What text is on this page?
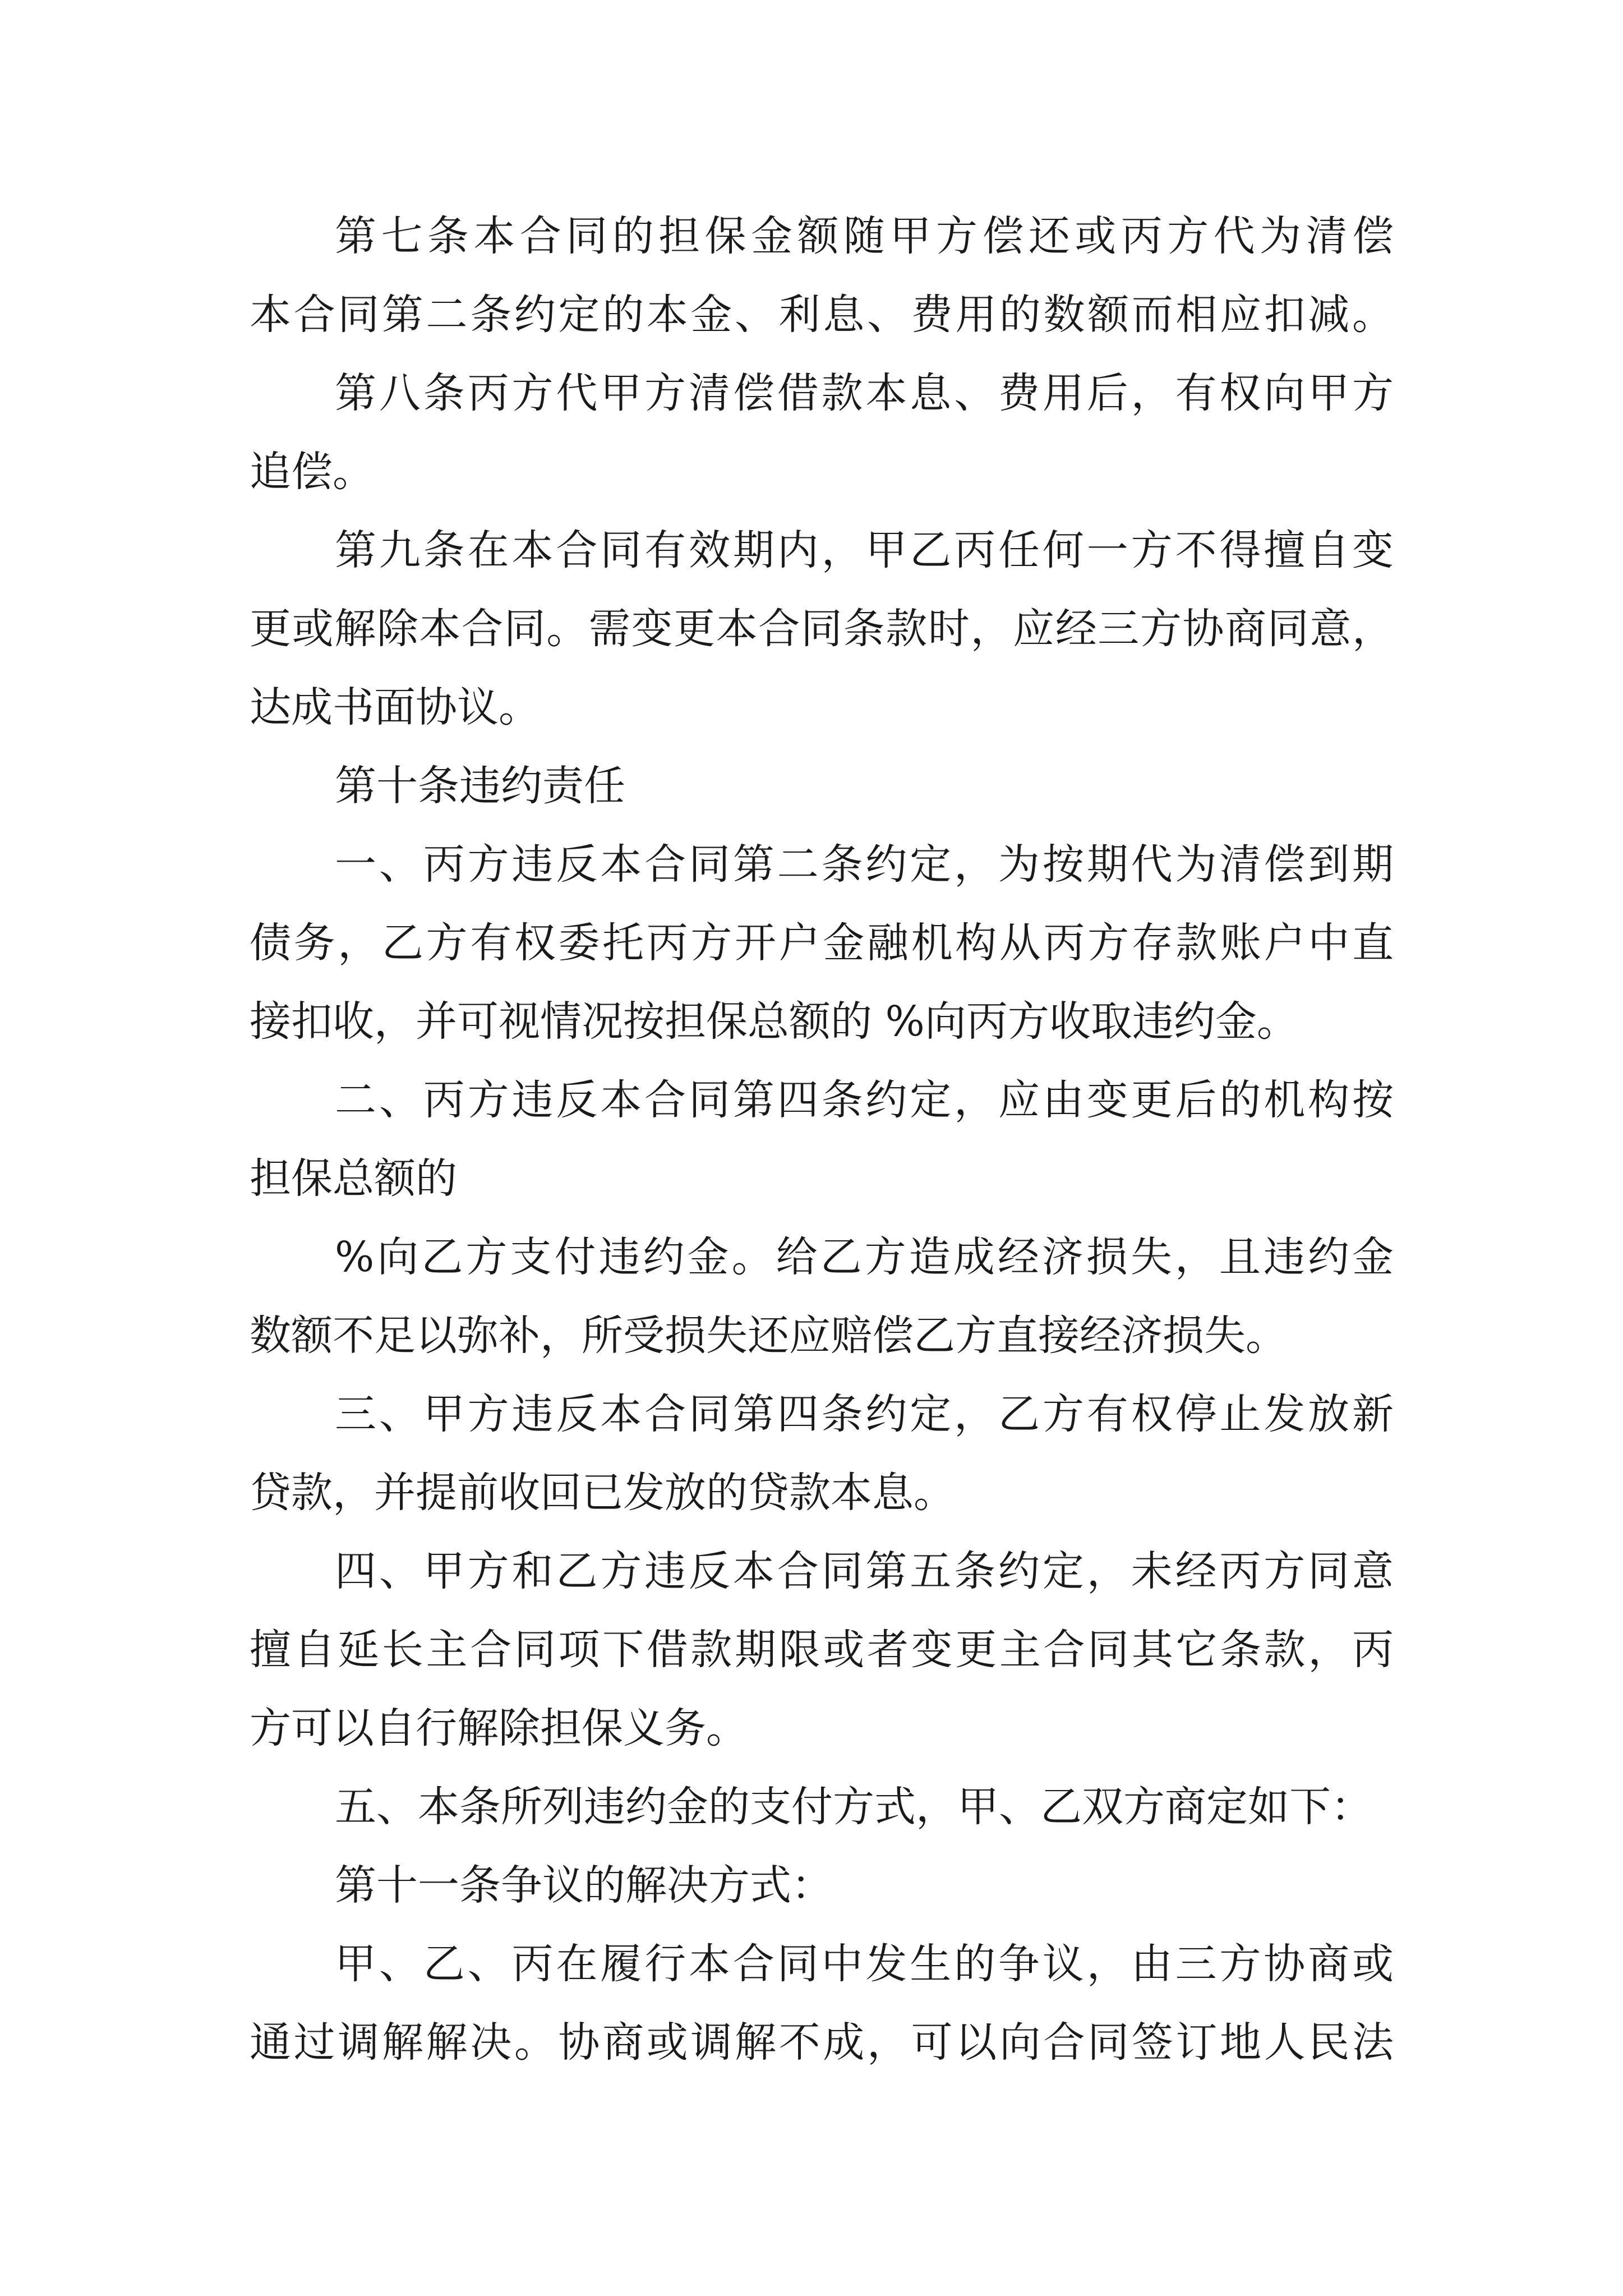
第七条本合同的担保金额随甲方偿还或丙方代为清偿

本合同第二条约定的本金、利息、费用的数额而相应扣减。

第八条丙方代甲方清偿借款本息、费用后，有权向甲方

追偿。

第九条在本合同有效期内，甲乙丙任何一方不得擅自变

更或解除本合同。需变更本合同条款时，应经三方协商同意，

达成书面协议。

第十条违约责任

一、丙方违反本合同第二条约定，为按期代为清偿到期

债务，乙方有权委托丙方开户金融机构从丙方存款账户中直

接扣收，并可视情况按担保总额的 %向丙方收取违约金。

二、丙方违反本合同第四条约定，应由变更后的机构按

担保总额的

%向乙方支付违约金。给乙方造成经济损失，且违约金

数额不足以弥补，所受损失还应赔偿乙方直接经济损失。

三、甲方违反本合同第四条约定，乙方有权停止发放新

贷款，并提前收回已发放的贷款本息。

四、甲方和乙方违反本合同第五条约定，未经丙方同意

擅自延长主合同项下借款期限或者变更主合同其它条款，丙

方可以自行解除担保义务。

五、本条所列违约金的支付方式，甲、乙双方商定如下：

第十一条争议的解决方式：

甲、乙、丙在履行本合同中发生的争议，由三方协商或

通过调解解决。协商或调解不成，可以向合同签订地人民法
